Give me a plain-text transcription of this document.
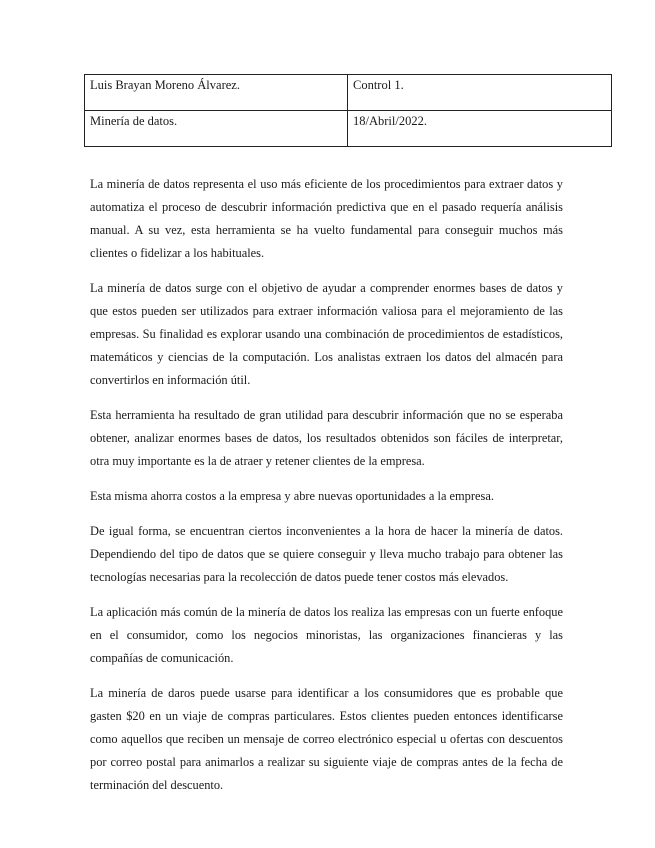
Luis Brayan Moreno Álvarez.	Control 1.
Minería de datos.	18/Abril/2022.

La minería de datos representa el uso más eficiente de los procedimientos para extraer datos y automatiza el proceso de descubrir información predictiva que en el pasado requería análisis manual. A su vez, esta herramienta se ha vuelto fundamental para conseguir muchos más clientes o fidelizar a los habituales.

La minería de datos surge con el objetivo de ayudar a comprender enormes bases de datos y que estos pueden ser utilizados para extraer información valiosa para el mejoramiento de las empresas. Su finalidad es explorar usando una combinación de procedimientos de estadísticos, matemáticos y ciencias de la computación. Los analistas extraen los datos del almacén para convertirlos en información útil.

Esta herramienta ha resultado de gran utilidad para descubrir información que no se esperaba obtener, analizar enormes bases de datos, los resultados obtenidos son fáciles de interpretar, otra muy importante es la de atraer y retener clientes de la empresa.

Esta misma ahorra costos a la empresa y abre nuevas oportunidades a la empresa.

De igual forma, se encuentran ciertos inconvenientes a la hora de hacer la minería de datos. Dependiendo del tipo de datos que se quiere conseguir y lleva mucho trabajo para obtener las tecnologías necesarias para la recolección de datos puede tener costos más elevados.

La aplicación más común de la minería de datos los realiza las empresas con un fuerte enfoque en el consumidor, como los negocios minoristas, las organizaciones financieras y las compañías de comunicación.

La minería de daros puede usarse para identificar a los consumidores que es probable que gasten $20 en un viaje de compras particulares. Estos clientes pueden entonces identificarse como aquellos que reciben un mensaje de correo electrónico especial u ofertas con descuentos por correo postal para animarlos a realizar su siguiente viaje de compras antes de la fecha de terminación del descuento.
